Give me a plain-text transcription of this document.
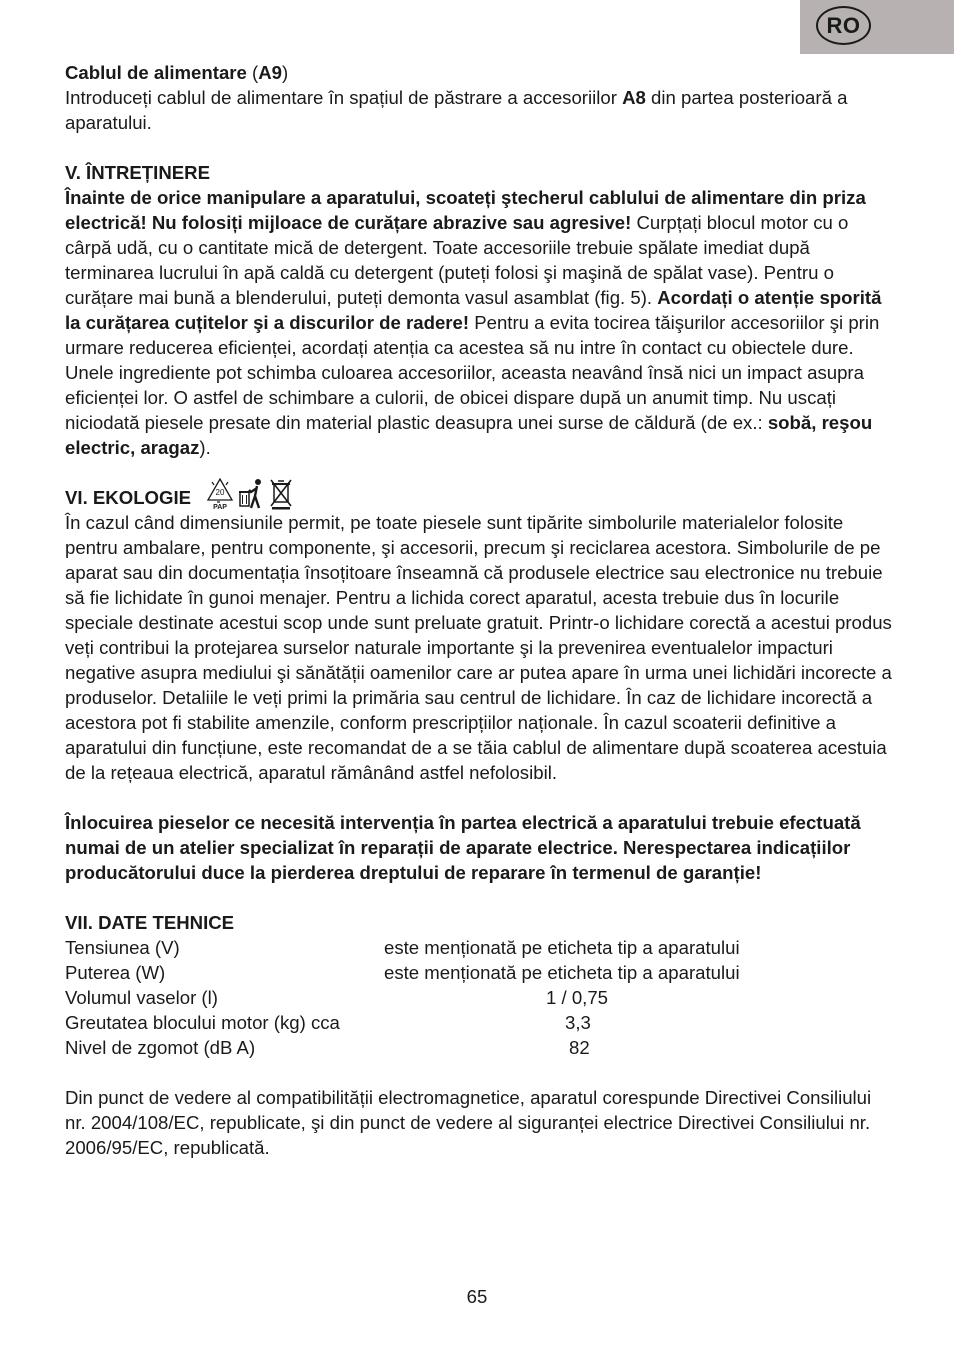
RO

Cablul de alimentare (A9)
Introduceți cablul de alimentare în spațiul de păstrare a accesoriilor A8 din partea posterioară a aparatului.

V. ÎNTREȚINERE

Înainte de orice manipulare a aparatului, scoateți ştecherul cablului de alimentare din priza electrică! Nu folosiți mijloace de curățare abrazive sau agresive! Curpțați blocul motor cu o cârpă udă, cu o cantitate mică de detergent. Toate accesoriile trebuie spălate imediat după terminarea lucrului în apă caldă cu detergent (puteți folosi şi maşină de spălat vase). Pentru o curățare mai bună a blenderului, puteți demonta vasul asamblat (fig. 5). Acordați o atenție sporită la curățarea cuțitelor şi a discurilor de radere! Pentru a evita tocirea tăişurilor accesoriilor şi prin urmare reducerea eficienței, acordați atenția ca acestea să nu intre în contact cu obiectele dure. Unele ingrediente pot schimba culoarea accesoriilor, aceasta neavând însă nici un impact asupra eficienței lor. O astfel de schimbare a culorii, de obicei dispare după un anumit timp. Nu uscați niciodată piesele presate din material plastic deasupra unei surse de căldură (de ex.: sobă, reşou electric, aragaz).

VI. EKOLOGIE	20
PAP

În cazul când dimensiunile permit, pe toate piesele sunt tipărite simbolurile materialelor folosite pentru ambalare, pentru componente, şi accesorii, precum şi reciclarea acestora. Simbolurile de pe aparat sau din documentația însoțitoare înseamnă că produsele electrice sau electronice nu trebuie să fie lichidate în gunoi menajer. Pentru a lichida corect aparatul, acesta trebuie dus în locurile speciale destinate acestui scop unde sunt preluate gratuit. Printr-o lichidare corectă a acestui produs veți contribui la protejarea surselor naturale importante şi la prevenirea eventualelor impacturi negative asupra mediului şi sănătății oamenilor care ar putea apare în urma unei lichidări incorecte a produselor. Detaliile le veți primi la primăria sau centrul de lichidare. În caz de lichidare incorectă a acestora pot fi stabilite amenzile, conform prescripțiilor naționale. În cazul scoaterii definitive a aparatului din funcțiune, este recomandat de a se tăia cablul de alimentare după scoaterea acestuia de la rețeaua electrică, aparatul rămânând astfel nefolosibil.

Înlocuirea pieselor ce necesită intervenția în partea electrică a aparatului trebuie efectuată numai de un atelier specializat în reparații de aparate electrice. Nerespectarea indicațiilor producătorului duce la pierderea dreptului de reparare în termenul de garanție!

VII. DATE TEHNICE

Tensiunea (V)	este menționată pe eticheta tip a aparatului
Puterea (W)	este menționată pe eticheta tip a aparatului
Volumul vaselor (l)	1 / 0,75
Greutatea blocului motor (kg) cca	3,3
Nivel de zgomot (dB A)	82

Din punct de vedere al compatibilității electromagnetice, aparatul corespunde Directivei Consiliului nr. 2004/108/EC, republicate, şi din punct de vedere al siguranței electrice Directivei Consiliului nr. 2006/95/EC, republicată.

65
